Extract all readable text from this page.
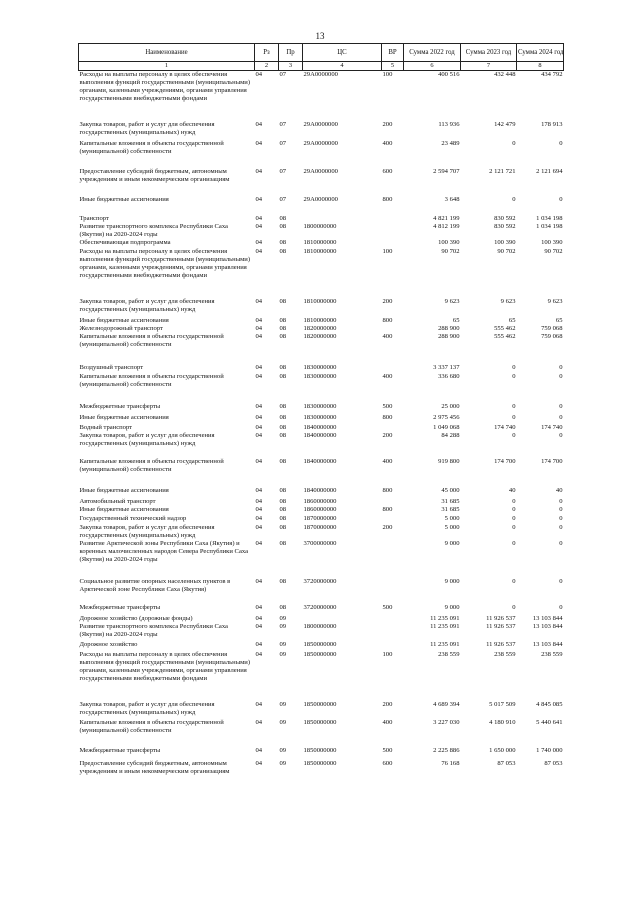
13
Наименование	Рз	Пр	ЦС	ВР	Сумма 2022 год	Сумма 2023 год	Сумма 2024 год
1	2	3	4	5	6	7	8
Расходы на выплаты персоналу в целях обеспечения выполнения функций государственными (муниципальными) органами, казенными учреждениями, органами управления государственными внебюджетными фондами	04	07	29A0000000	100	400 516	432 448	434 792

Закупка товаров, работ и услуг для обеспечения государственных (муниципальных) нужд	04	07	29A0000000	200	113 936	142 479	178 913
Капитальные вложения в объекты государственной (муниципальной) собственности	04	07	29A0000000	400	23 489	0	0

Предоставление субсидий бюджетным, автономным учреждениям и иным некоммерческим организациям	04	07	29A0000000	600	2 594 707	2 121 721	2 121 694

Иные бюджетные ассигнования	04	07	29A0000000	800	3 648	0	0
Транспорт	04	08			4 821 199	830 592	1 034 198
Развитие транспортного комплекса Республики Саха (Якутия) на 2020-2024 годы	04	08	1800000000		4 812 199	830 592	1 034 198
Обеспечивающая подпрограмма	04	08	1810000000		100 390	100 390	100 390
Расходы на выплаты персоналу в целях обеспечения выполнения функций государственными (муниципальными) органами, казенными учреждениями, органами управления государственными внебюджетными фондами	04	08	1810000000	100	90 702	90 702	90 702

Закупка товаров, работ и услуг для обеспечения государственных (муниципальных) нужд	04	08	1810000000	200	9 623	9 623	9 623
Иные бюджетные ассигнования	04	08	1810000000	800	65	65	65
Железнодорожный транспорт	04	08	1820000000		288 900	555 462	759 068
Капитальные вложения в объекты государственной (муниципальной) собственности	04	08	1820000000	400	288 900	555 462	759 068

Воздушный транспорт	04	08	1830000000		3 337 137	0	0
Капитальные вложения в объекты государственной (муниципальной) собственности	04	08	1830000000	400	336 680	0	0

Межбюджетные трансферты	04	08	1830000000	500	25 000	0	0
Иные бюджетные ассигнования	04	08	1830000000	800	2 975 456	0	0
Водный транспорт	04	08	1840000000		1 049 068	174 740	174 740
Закупка товаров, работ и услуг для обеспечения государственных (муниципальных) нужд	04	08	1840000000	200	84 288	0	0

Капитальные вложения в объекты государственной (муниципальной) собственности	04	08	1840000000	400	919 800	174 700	174 700

Иные бюджетные ассигнования	04	08	1840000000	800	45 000	40	40
Автомобильный транспорт	04	08	1860000000		31 685	0	0
Иные бюджетные ассигнования	04	08	1860000000	800	31 685	0	0
Государственный технический надзор	04	08	1870000000		5 000	0	0
Закупка товаров, работ и услуг для обеспечения государственных (муниципальных) нужд	04	08	1870000000	200	5 000	0	0
Развитие Арктической зоны Республики Саха (Якутия) и коренных малочисленных народов Севера Республики Саха (Якутия) на 2020-2024 годы	04	08	3700000000		9 000	0	0

Социальное развитие опорных населенных пунктов в Арктической зоне Республики Саха (Якутия)	04	08	3720000000		9 000	0	0

Межбюджетные трансферты	04	08	3720000000	500	9 000	0	0
Дорожное хозяйство (дорожные фонды)	04	09			11 235 091	11 926 537	13 103 844
Развитие транспортного комплекса Республики Саха (Якутия) на 2020-2024 годы	04	09	1800000000		11 235 091	11 926 537	13 103 844
Дорожное хозяйство	04	09	1850000000		11 235 091	11 926 537	13 103 844
Расходы на выплаты персоналу в целях обеспечения выполнения функций государственными (муниципальными) органами, казенными учреждениями, органами управления государственными внебюджетными фондами	04	09	1850000000	100	238 559	238 559	238 559

Закупка товаров, работ и услуг для обеспечения государственных (муниципальных) нужд	04	09	1850000000	200	4 689 394	5 017 509	4 845 085
Капитальные вложения в объекты государственной (муниципальной) собственности	04	09	1850000000	400	3 227 030	4 180 910	5 440 641

Межбюджетные трансферты	04	09	1850000000	500	2 225 886	1 650 000	1 740 000
Предоставление субсидий бюджетным, автономным учреждениям и иным некоммерческим организациям	04	09	1850000000	600	76 168	87 053	87 053
